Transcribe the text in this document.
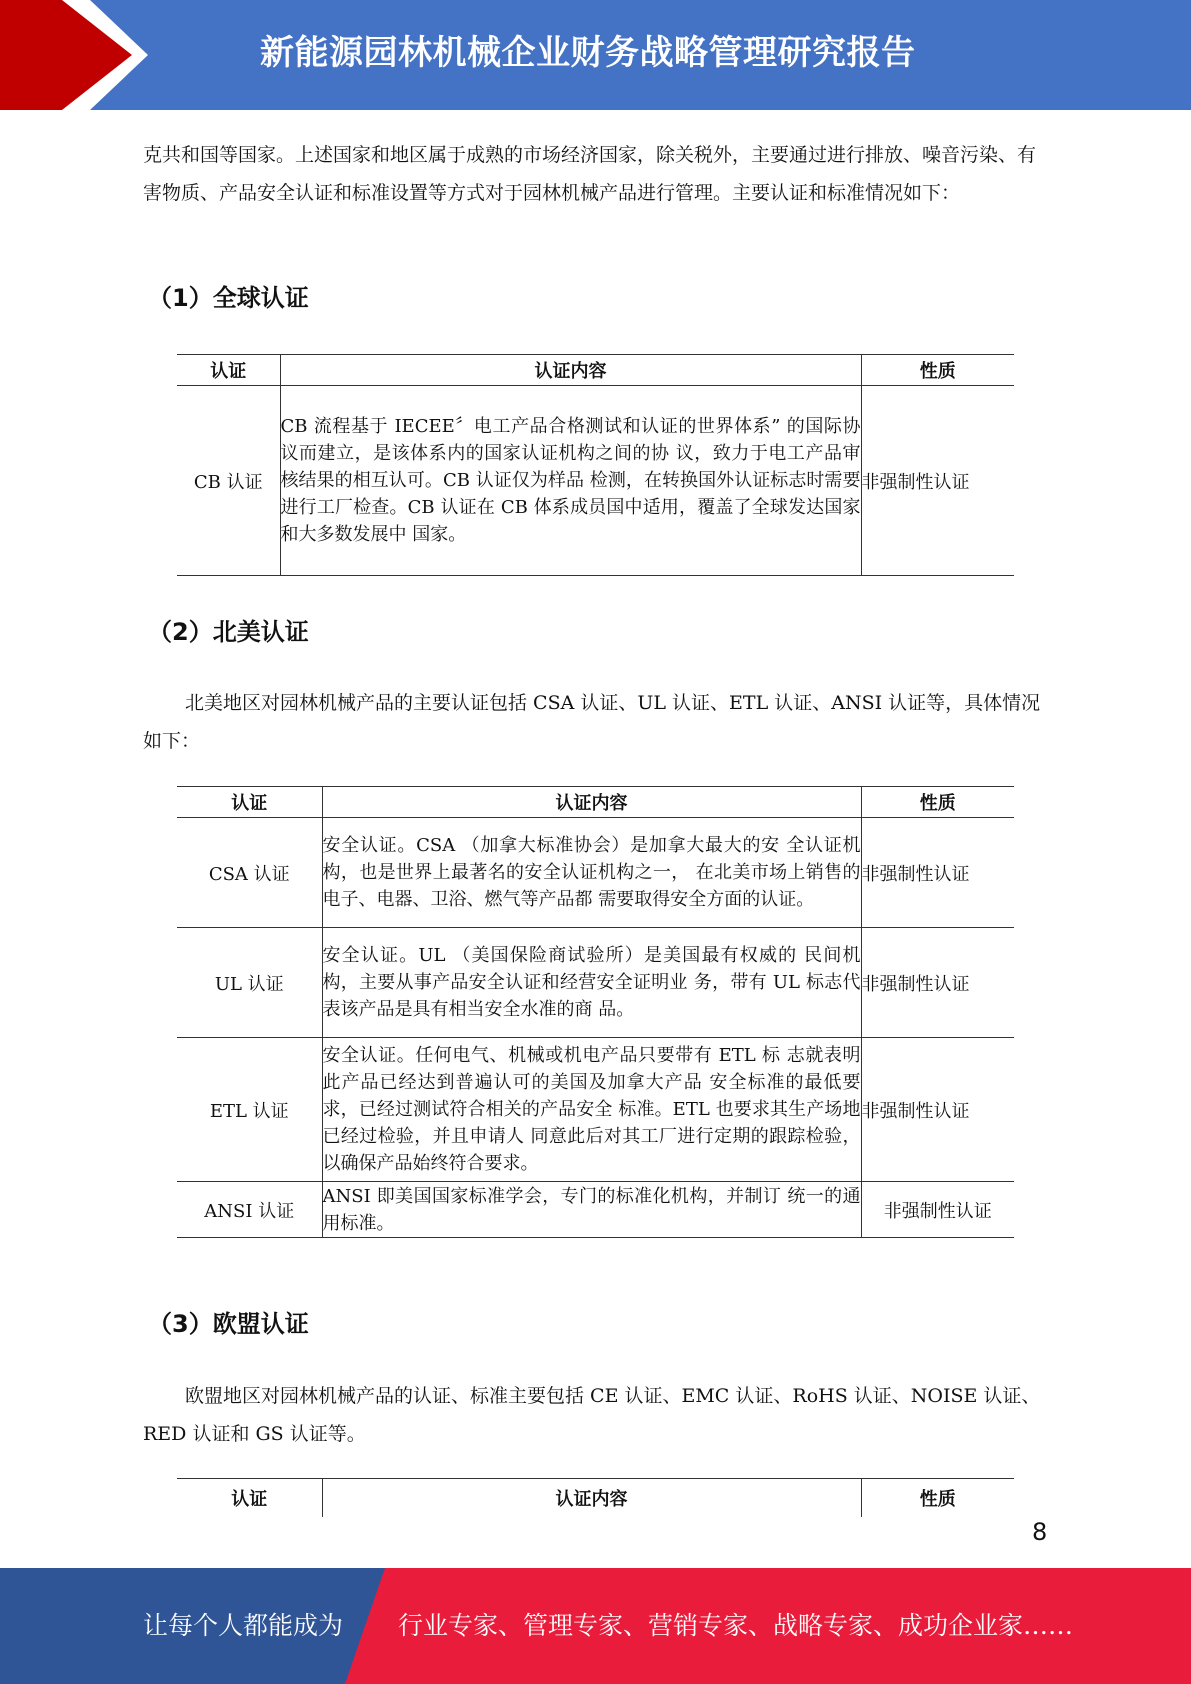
新能源园林机械企业财务战略管理研究报告

克共和国等国家。上述国家和地区属于成熟的市场经济国家，除关税外，主要通过进行排放、噪音污染、有害物质、产品安全认证和标准设置等方式对于园林机械产品进行管理。主要认证和标准情况如下：

（1）全球认证
认证	认证内容	性质
CB 认证	CB 流程基于 IECEE〞电工产品合格测试和认证的世界体系” 的国际协议而建立，是该体系内的国家认证机构之间的协 议，致力于电工产品审核结果的相互认可。CB 认证仅为样品 检测，在转换国外认证标志时需要进行工厂检查。CB 认证在 CB 体系成员国中适用，覆盖了全球发达国家和大多数发展中 国家。	非强制性认证
（2）北美认证

北美地区对园林机械产品的主要认证包括 CSA 认证、UL 认证、ETL 认证、ANSI 认证等，具体情况如下：

认证	认证内容	性质
CSA 认证	安全认证。CSA （加拿大标准协会）是加拿大最大的安 全认证机构，也是世界上最著名的安全认证机构之一， 在北美市场上销售的电子、电器、卫浴、燃气等产品都 需要取得安全方面的认证。	非强制性认证
UL 认证	安全认证。UL （美国保险商试验所）是美国最有权威的 民间机构，主要从事产品安全认证和经营安全证明业 务，带有 UL 标志代表该产品是具有相当安全水准的商 品。	非强制性认证
ETL 认证	安全认证。任何电气、机械或机电产品只要带有 ETL 标 志就表明此产品已经达到普遍认可的美国及加拿大产品 安全标准的最低要求，已经过测试符合相关的产品安全 标准。ETL 也要求其生产场地已经过检验，并且申请人 同意此后对其工厂进行定期的跟踪检验，以确保产品始终符合要求。	非强制性认证
ANSI 认证	ANSI 即美国国家标准学会，专门的标准化机构，并制订 统一的通用标准。	非强制性认证
（3）欧盟认证

欧盟地区对园林机械产品的认证、标准主要包括 CE 认证、EMC 认证、RoHS 认证、NOISE 认证、RED 认证和 GS 认证等。

认证	认证内容	性质
8
让每个人都能成为 行业专家、管理专家、营销专家、战略专家、成功企业家……
